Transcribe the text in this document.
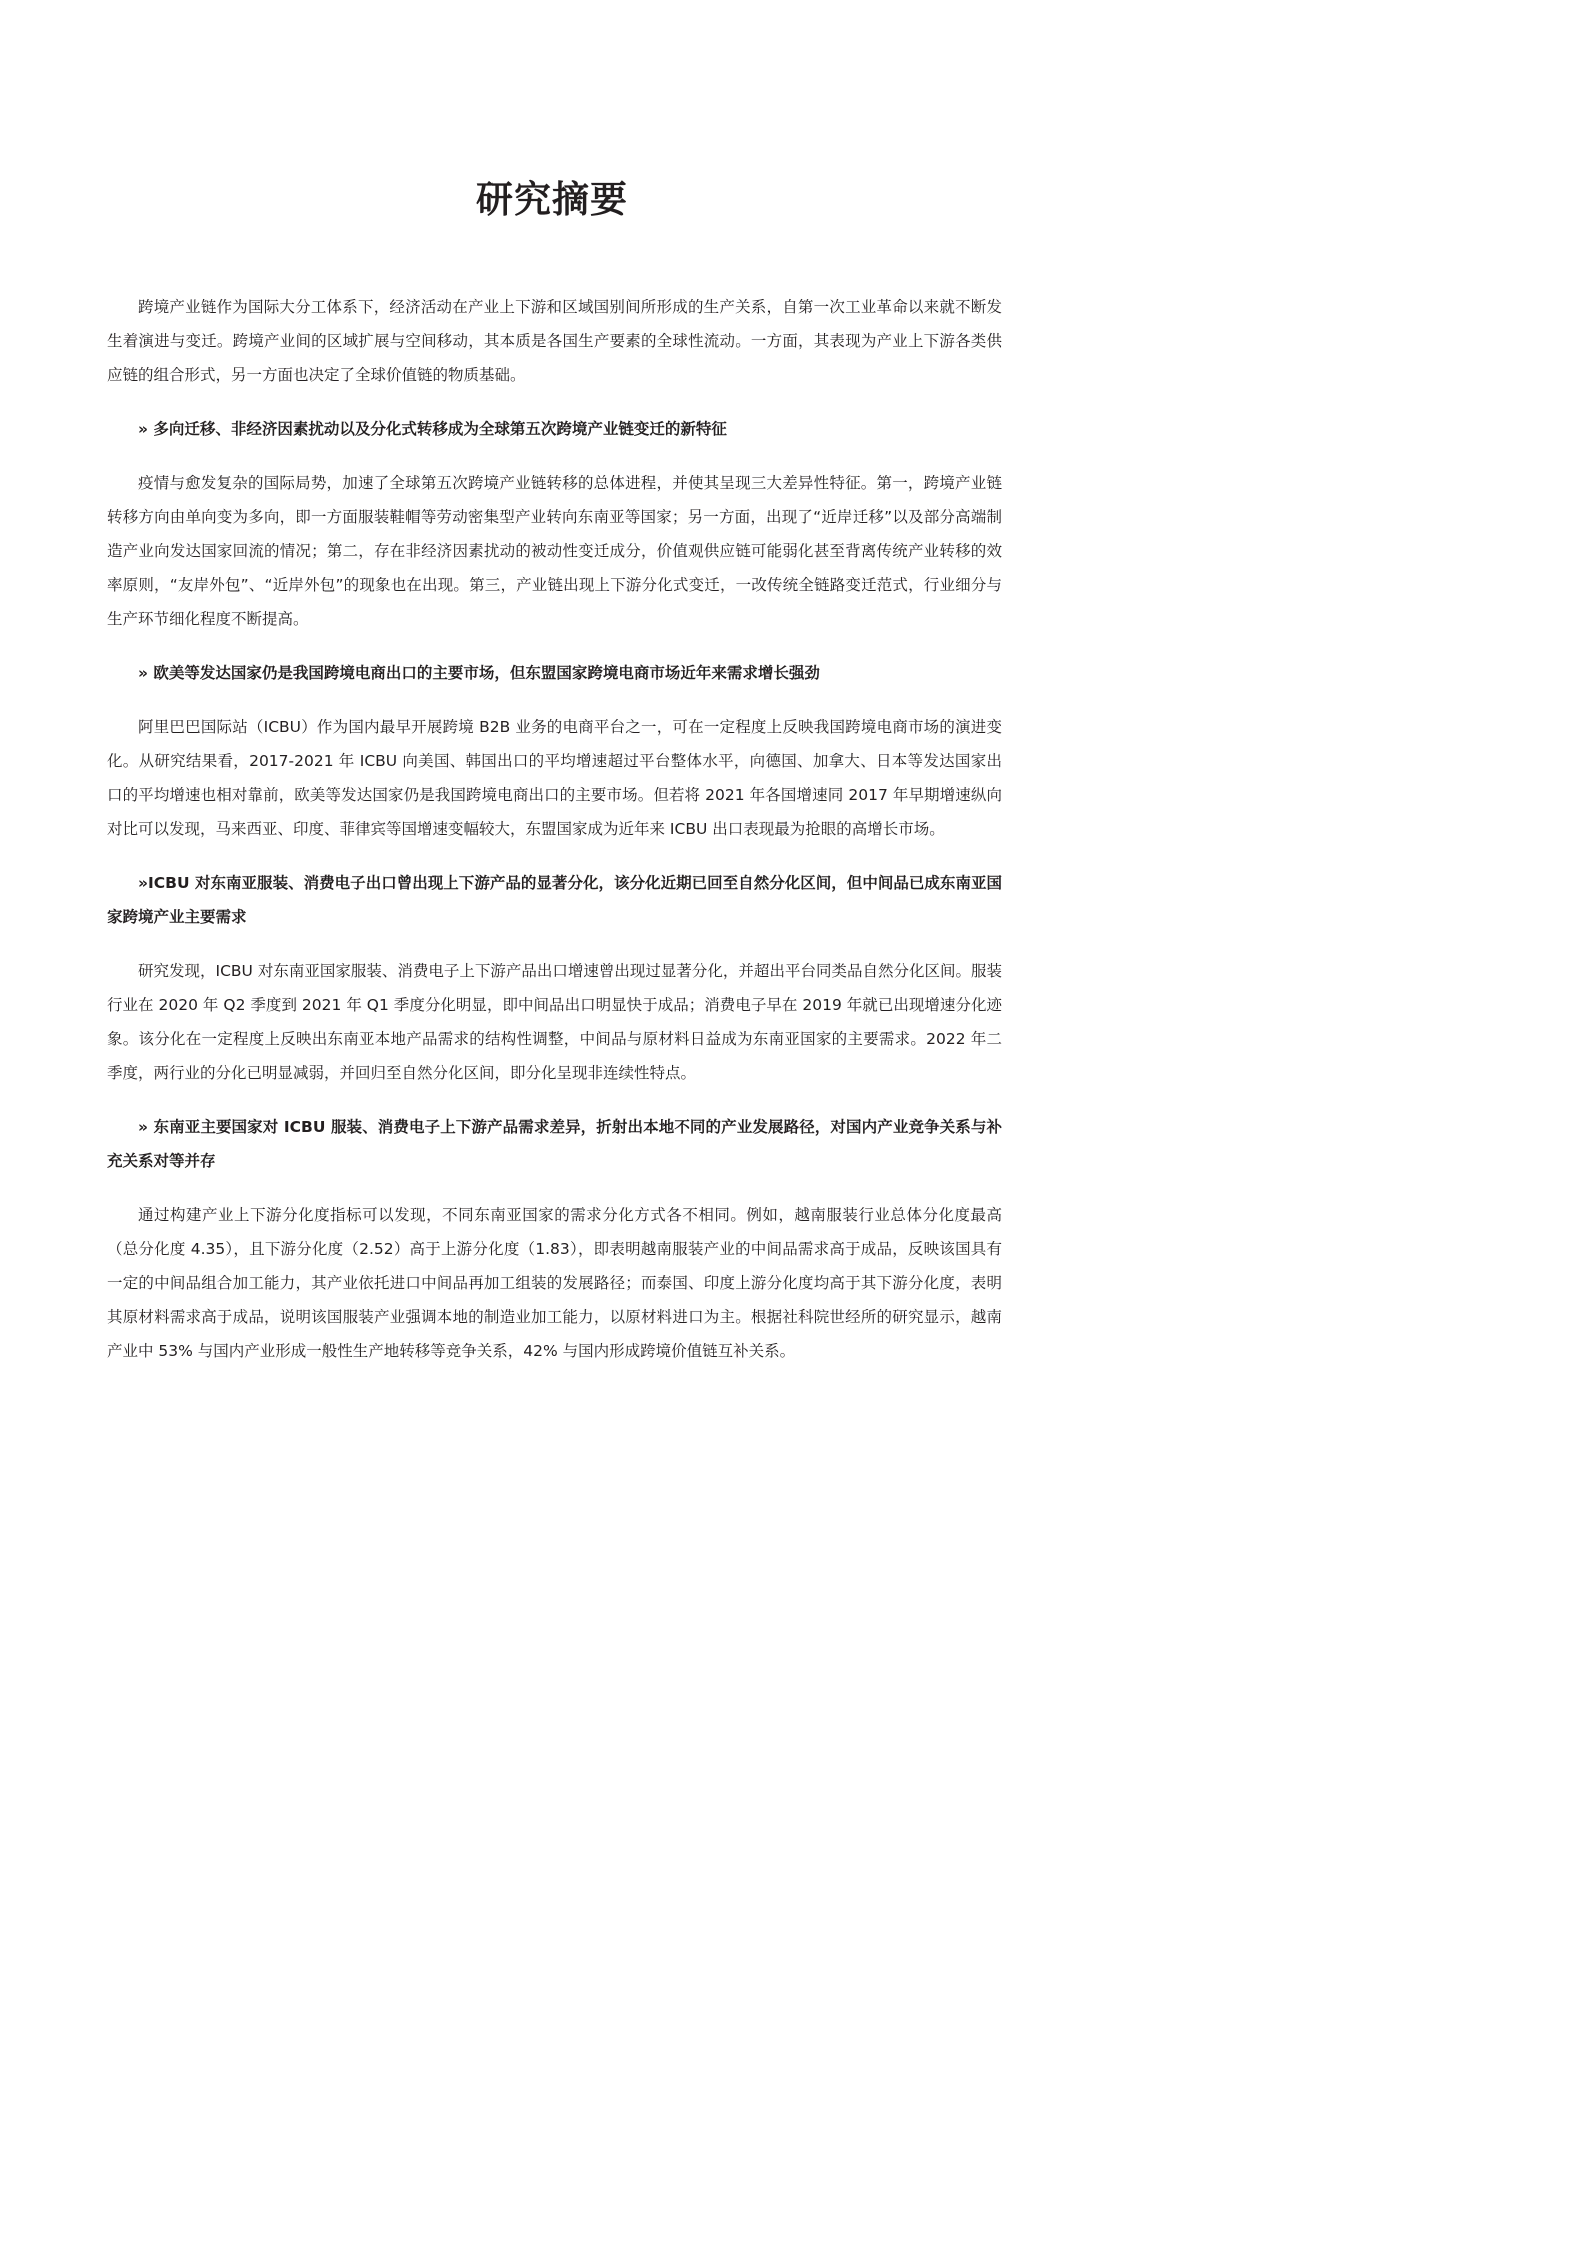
研究摘要

跨境产业链作为国际大分工体系下，经济活动在产业上下游和区域国别间所形成的生产关系，自第一次工业革命以来就不断发生着演进与变迁。跨境产业间的区域扩展与空间移动，其本质是各国生产要素的全球性流动。一方面，其表现为产业上下游各类供应链的组合形式，另一方面也决定了全球价值链的物质基础。

» 多向迁移、非经济因素扰动以及分化式转移成为全球第五次跨境产业链变迁的新特征

疫情与愈发复杂的国际局势，加速了全球第五次跨境产业链转移的总体进程，并使其呈现三大差异性特征。第一，跨境产业链转移方向由单向变为多向，即一方面服装鞋帽等劳动密集型产业转向东南亚等国家；另一方面，出现了“近岸迁移”以及部分高端制造产业向发达国家回流的情况；第二，存在非经济因素扰动的被动性变迁成分，价值观供应链可能弱化甚至背离传统产业转移的效率原则，“友岸外包”、“近岸外包”的现象也在出现。第三，产业链出现上下游分化式变迁，一改传统全链路变迁范式，行业细分与生产环节细化程度不断提高。

» 欧美等发达国家仍是我国跨境电商出口的主要市场，但东盟国家跨境电商市场近年来需求增长强劲

阿里巴巴国际站（ICBU）作为国内最早开展跨境 B2B 业务的电商平台之一，可在一定程度上反映我国跨境电商市场的演进变化。从研究结果看，2017-2021 年 ICBU 向美国、韩国出口的平均增速超过平台整体水平，向德国、加拿大、日本等发达国家出口的平均增速也相对靠前，欧美等发达国家仍是我国跨境电商出口的主要市场。但若将 2021 年各国增速同 2017 年早期增速纵向对比可以发现，马来西亚、印度、菲律宾等国增速变幅较大，东盟国家成为近年来 ICBU 出口表现最为抢眼的高增长市场。

»ICBU 对东南亚服装、消费电子出口曾出现上下游产品的显著分化，该分化近期已回至自然分化区间，但中间品已成东南亚国家跨境产业主要需求

研究发现，ICBU 对东南亚国家服装、消费电子上下游产品出口增速曾出现过显著分化，并超出平台同类品自然分化区间。服装行业在 2020 年 Q2 季度到 2021 年 Q1 季度分化明显，即中间品出口明显快于成品；消费电子早在 2019 年就已出现增速分化迹象。该分化在一定程度上反映出东南亚本地产品需求的结构性调整，中间品与原材料日益成为东南亚国家的主要需求。2022 年二季度，两行业的分化已明显减弱，并回归至自然分化区间，即分化呈现非连续性特点。

» 东南亚主要国家对 ICBU 服装、消费电子上下游产品需求差异，折射出本地不同的产业发展路径，对国内产业竞争关系与补充关系对等并存

通过构建产业上下游分化度指标可以发现，不同东南亚国家的需求分化方式各不相同。例如，越南服装行业总体分化度最高（总分化度 4.35），且下游分化度（2.52）高于上游分化度（1.83），即表明越南服装产业的中间品需求高于成品，反映该国具有一定的中间品组合加工能力，其产业依托进口中间品再加工组装的发展路径；而泰国、印度上游分化度均高于其下游分化度，表明其原材料需求高于成品，说明该国服装产业强调本地的制造业加工能力，以原材料进口为主。根据社科院世经所的研究显示，越南产业中 53% 与国内产业形成一般性生产地转移等竞争关系，42% 与国内形成跨境价值链互补关系。
